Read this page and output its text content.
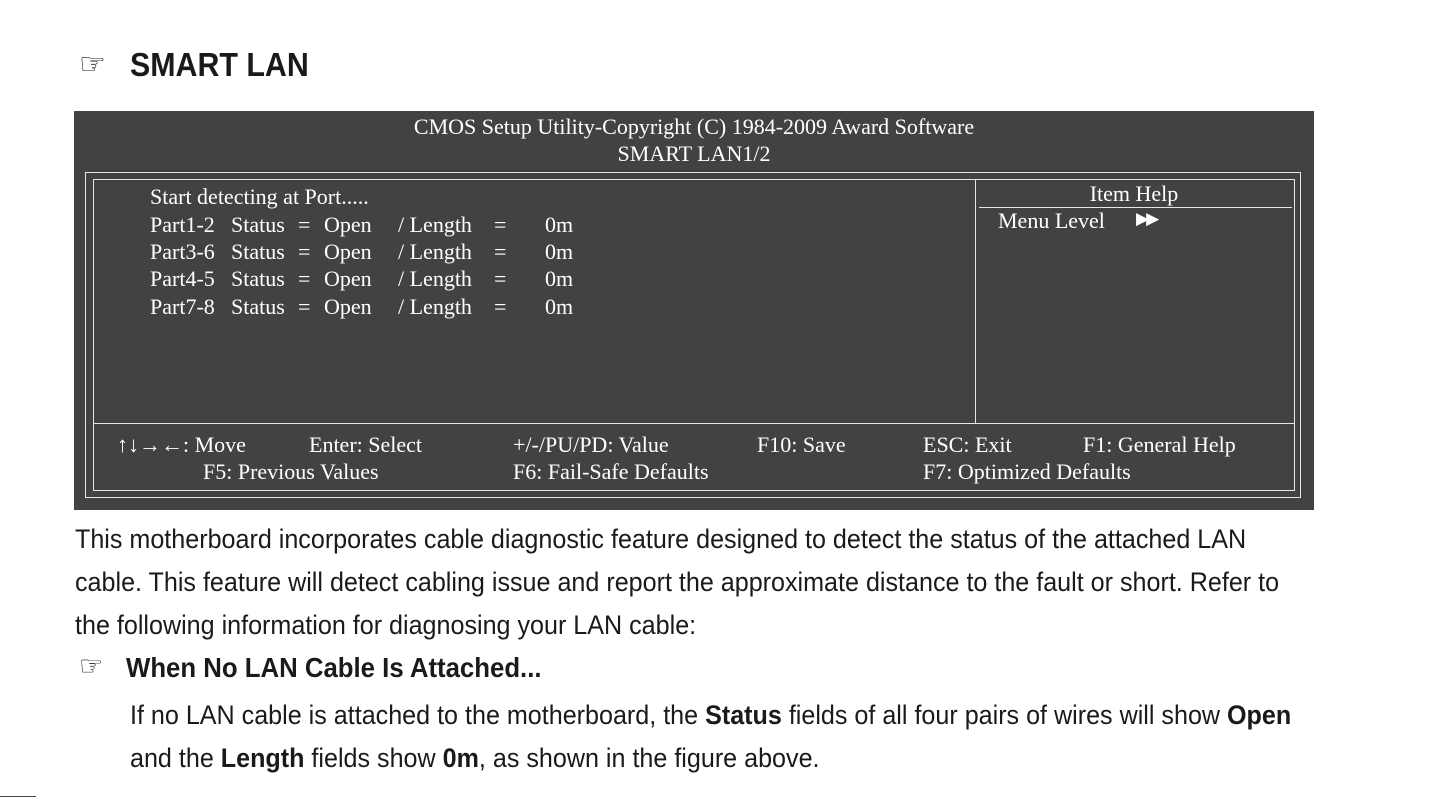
☞ SMART LAN
CMOS Setup Utility-Copyright (C) 1984-2009 Award Software
SMART LAN1/2
Start detecting at Port.....
Part1-2 Status = Open / Length = 0m
Part3-6 Status = Open / Length = 0m
Part4-5 Status = Open / Length = 0m
Part7-8 Status = Open / Length = 0m
Item Help
Menu Level ▶▶
↑↓→←: Move	Enter: Select	+/-/PU/PD: Value	F10: Save	ESC: Exit	F1: General Help
F5: Previous Values	F6: Fail-Safe Defaults	F7: Optimized Defaults
This motherboard incorporates cable diagnostic feature designed to detect the status of the attached LAN
cable. This feature will detect cabling issue and report the approximate distance to the fault or short. Refer to
the following information for diagnosing your LAN cable:
☞ When No LAN Cable Is Attached...
If no LAN cable is attached to the motherboard, the Status fields of all four pairs of wires will show Open
and the Length fields show 0m, as shown in the figure above.
